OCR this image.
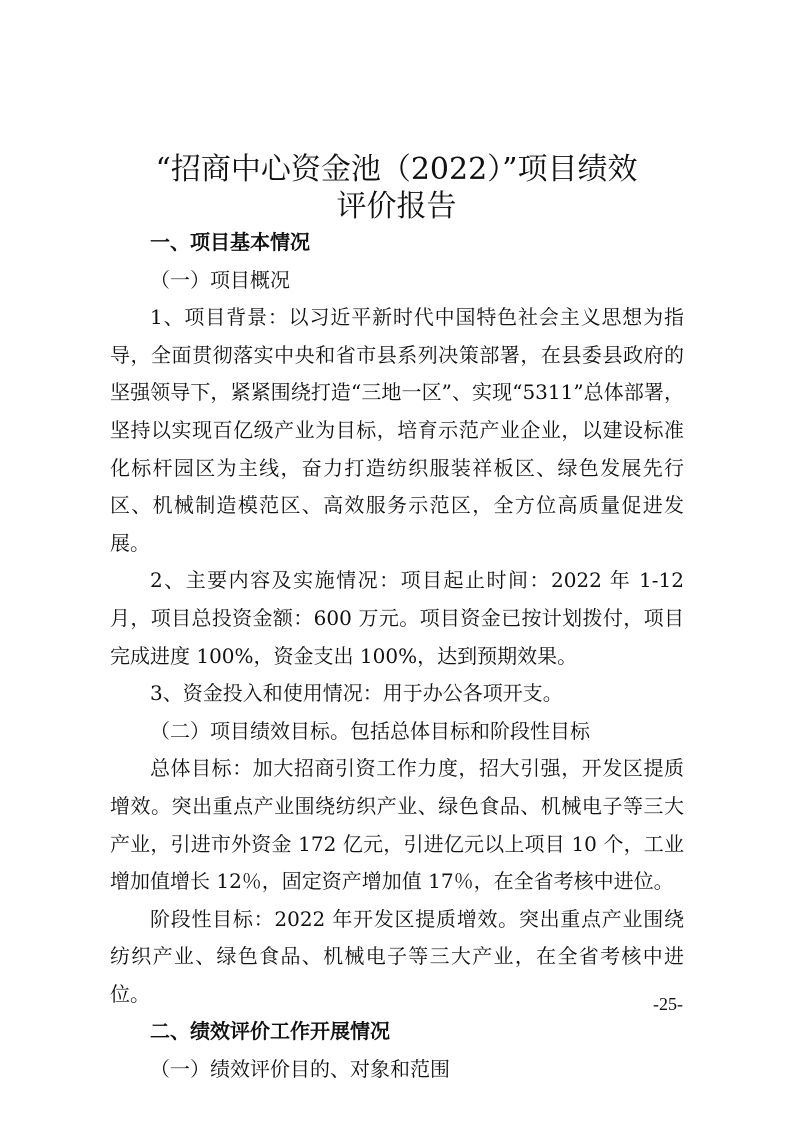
“招商中心资金池（2022）”项目绩效
评价报告

一、项目基本情况

（一）项目概况

1、项目背景：以习近平新时代中国特色社会主义思想为指导，全面贯彻落实中央和省市县系列决策部署，在县委县政府的坚强领导下，紧紧围绕打造“三地一区”、实现“5311”总体部署，坚持以实现百亿级产业为目标，培育示范产业企业，以建设标准化标杆园区为主线，奋力打造纺织服装祥板区、绿色发展先行区、机械制造模范区、高效服务示范区，全方位高质量促进发展。

2、主要内容及实施情况：项目起止时间：2022 年 1-12 月，项目总投资金额：600 万元。项目资金已按计划拨付，项目完成进度 100%，资金支出 100%，达到预期效果。

3、资金投入和使用情况：用于办公各项开支。

（二）项目绩效目标。包括总体目标和阶段性目标

总体目标：加大招商引资工作力度，招大引强，开发区提质增效。突出重点产业围绕纺织产业、绿色食品、机械电子等三大产业，引进市外资金 172 亿元，引进亿元以上项目 10 个，工业增加值增长 12％，固定资产增加值 17％，在全省考核中进位。

阶段性目标：2022 年开发区提质增效。突出重点产业围绕纺织产业、绿色食品、机械电子等三大产业，在全省考核中进位。

二、绩效评价工作开展情况

（一）绩效评价目的、对象和范围

-25-
